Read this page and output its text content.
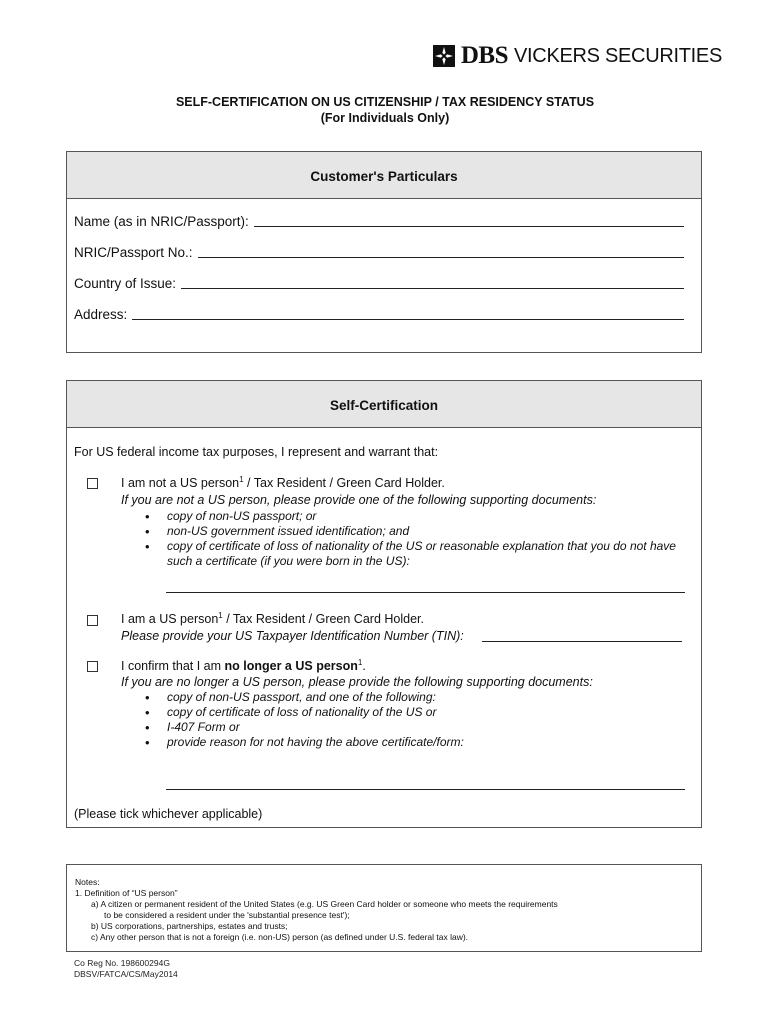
DBS VICKERS SECURITIES
SELF-CERTIFICATION ON US CITIZENSHIP / TAX RESIDENCY STATUS
(For Individuals Only)
Customer's Particulars
Name (as in NRIC/Passport):
NRIC/Passport No.:
Country of Issue:
Address:
Self-Certification
For US federal income tax purposes, I represent and warrant that:
I am not a US person$^1$ / Tax Resident / Green Card Holder.
If you are not a US person, please provide one of the following supporting documents:
• copy of non-US passport; or
• non-US government issued identification; and
• copy of certificate of loss of nationality of the US or reasonable explanation that you do not have such a certificate (if you were born in the US):
I am a US person$^1$ / Tax Resident / Green Card Holder.
Please provide your US Taxpayer Identification Number (TIN):
I confirm that I am no longer a US person$^1$.
If you are no longer a US person, please provide the following supporting documents:
• copy of non-US passport, and one of the following:
• copy of certificate of loss of nationality of the US or
• I-407 Form or
• provide reason for not having the above certificate/form:
(Please tick whichever applicable)
Notes:
1. Definition of “US person”
a) A citizen or permanent resident of the United States (e.g. US Green Card holder or someone who meets the requirements
to be considered a resident under the 'substantial presence test');
b) US corporations, partnerships, estates and trusts;
c) Any other person that is not a foreign (i.e. non-US) person (as defined under U.S. federal tax law).
Co Reg No. 198600294G
DBSV/FATCA/CS/May2014
